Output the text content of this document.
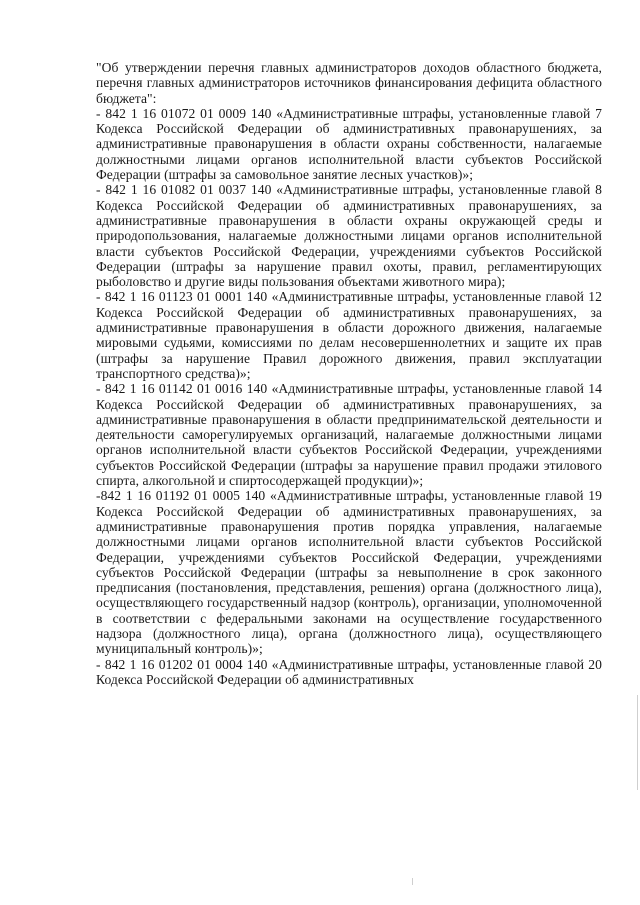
"Об утверждении перечня главных администраторов доходов областного бюджета, перечня главных администраторов источников финансирования дефицита областного бюджета":

- 842 1 16 01072 01 0009 140 «Административные штрафы, установленные главой 7 Кодекса Российской Федерации об административных правонарушениях, за административные правонарушения в области охраны собственности, налагаемые должностными лицами органов исполнительной власти субъектов Российской Федерации (штрафы за самовольное занятие лесных участков)»;

- 842 1 16 01082 01 0037 140 «Административные штрафы, установленные главой 8 Кодекса Российской Федерации об административных правонарушениях, за административные правонарушения в области охраны окружающей среды и природопользования, налагаемые должностными лицами органов исполнительной власти субъектов Российской Федерации, учреждениями субъектов Российской Федерации (штрафы за нарушение правил охоты, правил, регламентирующих рыболовство и другие виды пользования объектами животного мира);

- 842 1 16 01123 01 0001 140 «Административные штрафы, установленные главой 12 Кодекса Российской Федерации об административных правонарушениях, за административные правонарушения в области дорожного движения, налагаемые мировыми судьями, комиссиями по делам несовершеннолетних и защите их прав (штрафы за нарушение Правил дорожного движения, правил эксплуатации транспортного средства)»;

- 842 1 16 01142 01 0016 140 «Административные штрафы, установленные главой 14 Кодекса Российской Федерации об административных правонарушениях, за административные правонарушения в области предпринимательской деятельности и деятельности саморегулируемых организаций, налагаемые должностными лицами органов исполнительной власти субъектов Российской Федерации, учреждениями субъектов Российской Федерации (штрафы за нарушение правил продажи этилового спирта, алкогольной и спиртосодержащей продукции)»;

-842 1 16 01192 01 0005 140 «Административные штрафы, установленные главой 19 Кодекса Российской Федерации об административных правонарушениях, за административные правонарушения против порядка управления, налагаемые должностными лицами органов исполнительной власти субъектов Российской Федерации, учреждениями субъектов Российской Федерации, учреждениями субъектов Российской Федерации (штрафы за невыполнение в срок законного предписания (постановления, представления, решения) органа (должностного лица), осуществляющего государственный надзор (контроль), организации, уполномоченной в соответствии с федеральными законами на осуществление государственного надзора (должностного лица), органа (должностного лица), осуществляющего муниципальный контроль)»;

- 842 1 16 01202 01 0004 140 «Административные штрафы, установленные главой 20 Кодекса Российской Федерации об административных
